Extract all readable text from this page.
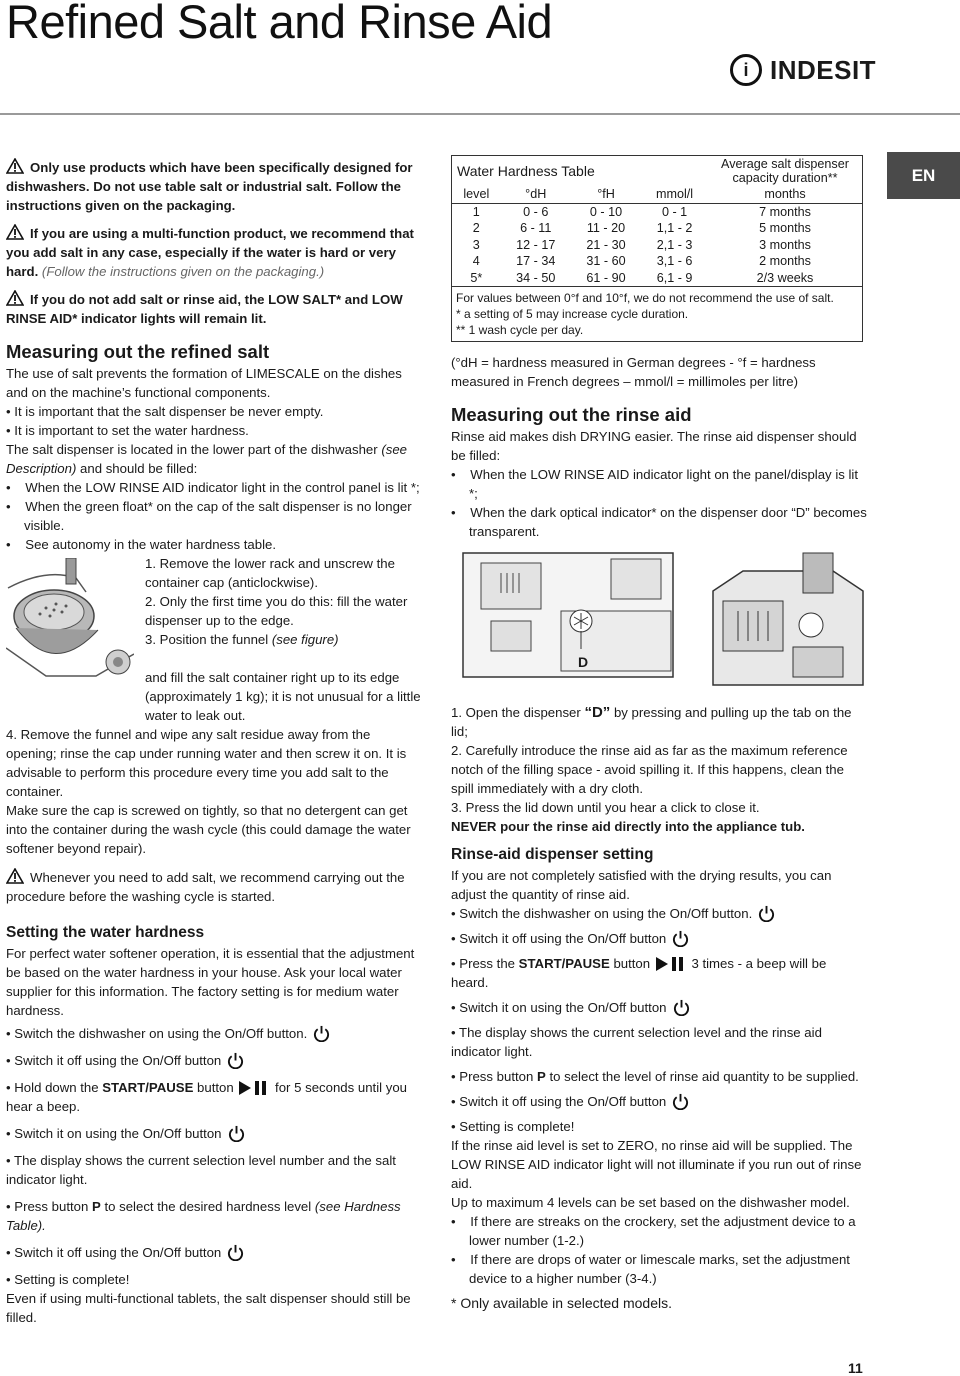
Refined Salt and Rinse Aid
i INDESIT
EN

Only use products which have been specifically designed for dishwashers. Do not use table salt or industrial salt. Follow the instructions given on the packaging.

If you are using a multi-function product, we recommend that you add salt in any case, especially if the water is hard or very hard. (Follow the instructions given on the packaging.)

If you do not add salt or rinse aid, the LOW SALT* and LOW RINSE AID* indicator lights will remain lit.

Measuring out the refined salt

The use of salt prevents the formation of LIMESCALE on the dishes and on the machine’s functional components.

• It is important that the salt dispenser be never empty.

• It is important to set the water hardness.

The salt dispenser is located in the lower part of the dishwasher (see Description) and should be filled:

•    When the LOW RINSE AID indicator light in the control panel is lit *;

•    When the green float* on the cap of the salt dispenser is no longer visible.

•    See autonomy in the water hardness table.

1. Remove the lower rack and unscrew the container cap (anticlockwise).

2. Only the first time you do this: fill the water dispenser up to the edge.

3. Position the funnel (see figure)

and fill the salt container right up to its edge (approximately 1 kg); it is not unusual for a little water to leak out.

4. Remove the funnel and wipe any salt residue away from the opening; rinse the cap under running water and then screw it on. It is advisable to perform this procedure every time you add salt to the container.

Make sure the cap is screwed on tightly, so that no detergent can get into the container during the wash cycle (this could damage the water softener beyond repair).

Whenever you need to add salt, we recommend carrying out the procedure before the washing cycle is started.

Setting the water hardness

For perfect water softener operation, it is essential that the adjustment be based on the water hardness in your house. Ask your local water supplier for this information. The factory setting is for medium water hardness.

• Switch the dishwasher on using the On/Off button.

• Switch it off using the On/Off button

• Hold down the START/PAUSE button	for 5 seconds until you hear a beep.

• Switch it on using the On/Off button

• The display shows the current selection level number and the salt indicator light.

• Press button P to select the desired hardness level (see Hardness Table).

• Switch it off using the On/Off button

• Setting is complete!

Even if using multi-functional tablets, the salt dispenser should still be filled.

Water Hardness Table				Average salt dispenser capacity duration**
level	°dH	°fH	mmol/l	months
1	0 - 6	0 - 10	0 - 1	7 months
2	6 - 11	11 - 20	1,1 - 2	5 months
3	12 - 17	21 - 30	2,1 - 3	3 months
4	17 - 34	31 - 60	3,1 - 6	2 months
5*	34 - 50	61 - 90	6,1 - 9	2/3 weeks
For values between 0°f and 10°f, we do not recommend the use of salt.
* a setting of 5 may increase cycle duration.
** 1 wash cycle per day.

(°dH = hardness measured in German degrees - °f = hardness measured in French degrees – mmol/l = millimoles per litre)

Measuring out the rinse aid

Rinse aid makes dish DRYING easier. The rinse aid dispenser should be filled:

•    When the LOW RINSE AID indicator light on the panel/display is lit *;

•    When the dark optical indicator* on the dispenser door “D” becomes transparent.

D

1. Open the dispenser “D” by pressing and pulling up the tab on the lid;

2. Carefully introduce the rinse aid as far as the maximum reference notch of the filling space - avoid spilling it. If this happens, clean the spill immediately with a dry cloth.

3. Press the lid down until you hear a click to close it.

NEVER pour the rinse aid directly into the appliance tub.

Rinse-aid dispenser setting

If you are not completely satisfied with the drying results, you can adjust the quantity of rinse aid.

• Switch the dishwasher on using the On/Off button.

• Switch it off using the On/Off button

• Press the START/PAUSE button	3 times - a beep will be heard.

• Switch it on using the On/Off button

• The display shows the current selection level and the rinse aid indicator light.

• Press button P to select the level of rinse aid quantity to be supplied.

• Switch it off using the On/Off button

• Setting is complete!

If the rinse aid level is set to ZERO, no rinse aid will be supplied. The LOW RINSE AID indicator light will not illuminate if you run out of rinse aid.

Up to maximum 4 levels can be set based on the dishwasher model.

•    If there are streaks on the crockery, set the adjustment device to a lower number (1-2.)

•    If there are drops of water or limescale marks, set the adjustment device to a higher number (3-4.)

* Only available in selected models.

11
